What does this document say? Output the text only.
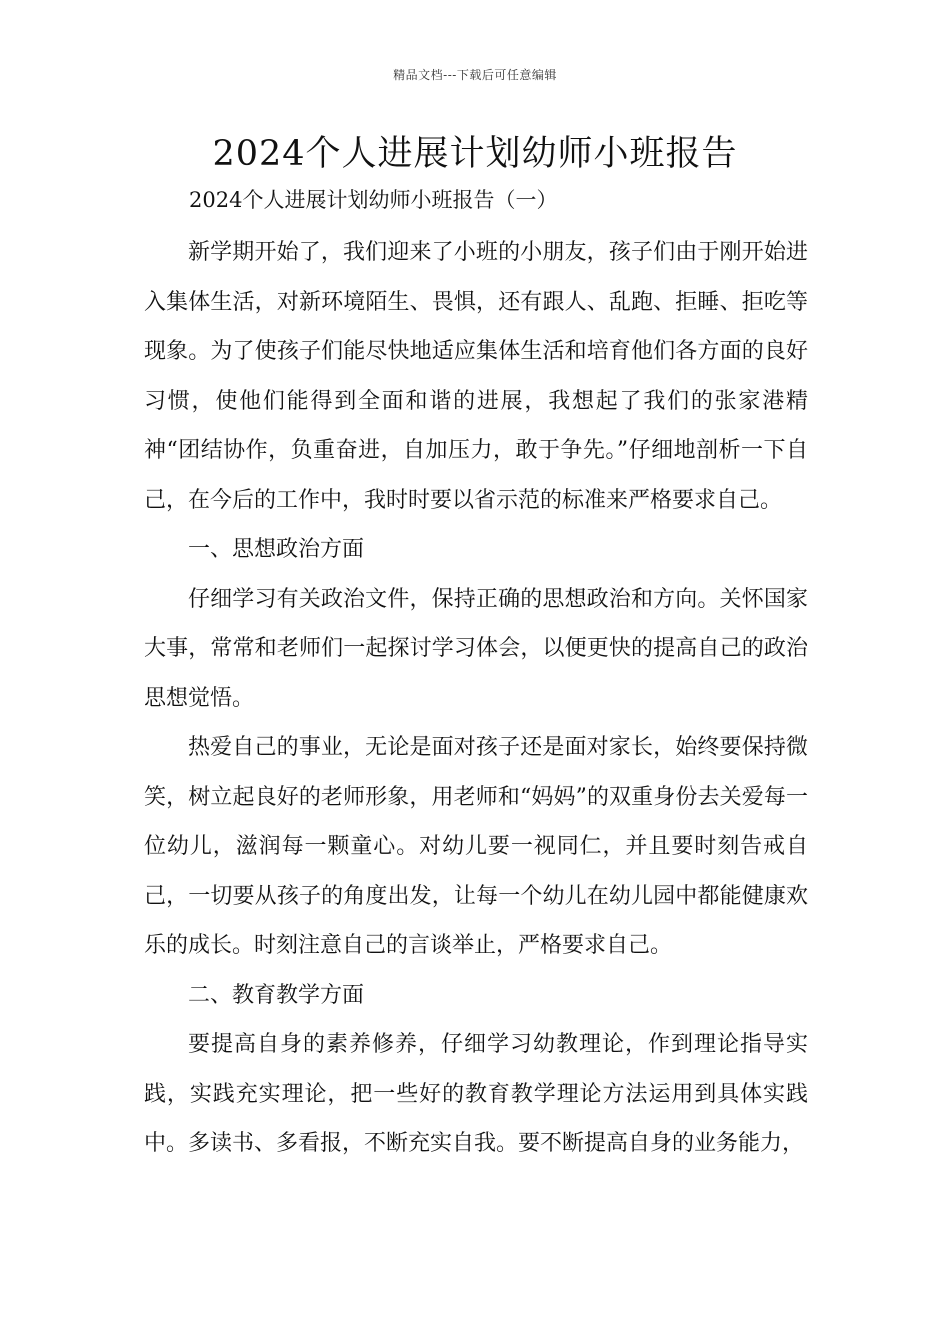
精品文档---下载后可任意编辑
2024个人进展计划幼师小班报告

2024个人进展计划幼师小班报告（一）

新学期开始了，我们迎来了小班的小朋友，孩子们由于刚开始进入集体生活，对新环境陌生、畏惧，还有跟人、乱跑、拒睡、拒吃等现象。为了使孩子们能尽快地适应集体生活和培育他们各方面的良好习惯，使他们能得到全面和谐的进展，我想起了我们的张家港精神“团结协作，负重奋进，自加压力，敢于争先。”仔细地剖析一下自己，在今后的工作中，我时时要以省示范的标准来严格要求自己。

一、思想政治方面

仔细学习有关政治文件，保持正确的思想政治和方向。关怀国家大事，常常和老师们一起探讨学习体会，以便更快的提高自己的政治思想觉悟。

热爱自己的事业，无论是面对孩子还是面对家长，始终要保持微笑，树立起良好的老师形象，用老师和“妈妈”的双重身份去关爱每一位幼儿，滋润每一颗童心。对幼儿要一视同仁，并且要时刻告戒自己，一切要从孩子的角度出发，让每一个幼儿在幼儿园中都能健康欢乐的成长。时刻注意自己的言谈举止，严格要求自己。

二、教育教学方面

要提高自身的素养修养，仔细学习幼教理论，作到理论指导实践，实践充实理论，把一些好的教育教学理论方法运用到具体实践中。多读书、多看报，不断充实自我。要不断提高自身的业务能力，
